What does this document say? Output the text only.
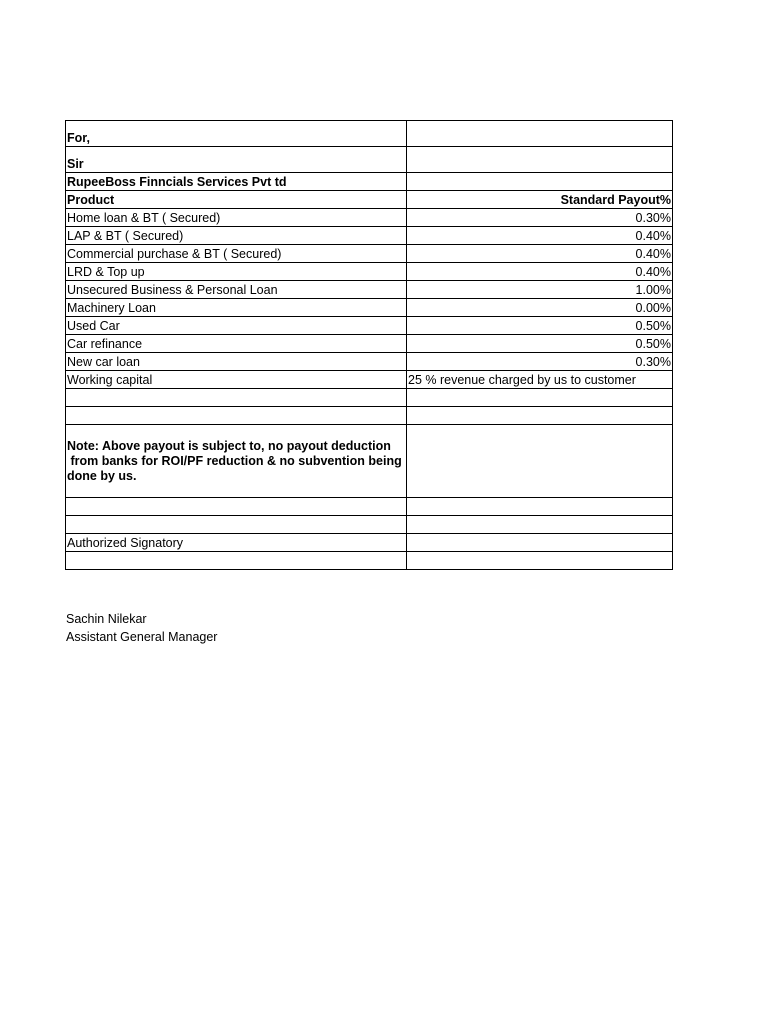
For,	
Sir	
RupeeBoss Finncials Services Pvt td	
Product	Standard Payout%
Home loan & BT ( Secured)	0.30%
LAP & BT ( Secured)	0.40%
Commercial purchase & BT ( Secured)	0.40%
LRD & Top up	0.40%
Unsecured Business & Personal Loan	1.00%
Machinery Loan	0.00%
Used Car	0.50%
Car refinance	0.50%
New car loan	0.30%
Working capital	25 % revenue charged by us to customer

Note: Above payout is subject to, no payout deduction
from banks for ROI/PF reduction & no subvention being
done by us.	

Authorized Signatory	

Sachin Nilekar
Assistant General Manager
